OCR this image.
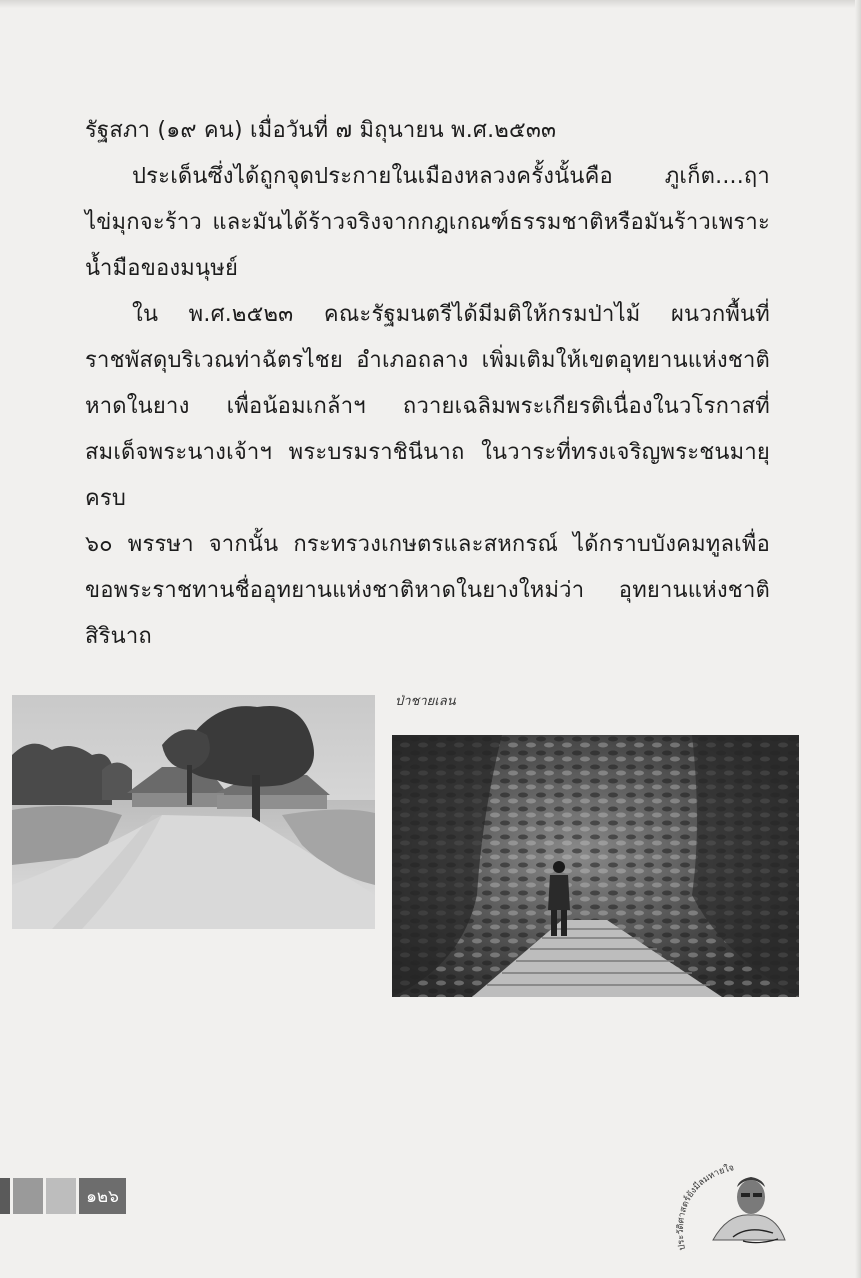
รัฐสภา (๑๙ คน) เมื่อวันที่ ๗ มิถุนายน พ.ศ.๒๕๓๓

ประเด็นซึ่งได้ถูกจุดประกายในเมืองหลวงครั้งนั้นคือ ภูเก็ต....ฤา

ไข่มุกจะร้าว และมันได้ร้าวจริงจากกฎเกณฑ์ธรรมชาติหรือมันร้าวเพราะ

น้ำมือของมนุษย์

ใน พ.ศ.๒๕๒๓ คณะรัฐมนตรีได้มีมติให้กรมป่าไม้ ผนวกพื้นที่

ราชพัสดุบริเวณท่าฉัตรไชย อำเภอถลาง เพิ่มเติมให้เขตอุทยานแห่งชาติ

หาดในยาง เพื่อน้อมเกล้าฯ ถวายเฉลิมพระเกียรติเนื่องในวโรกาสที่

สมเด็จพระนางเจ้าฯ พระบรมราชินีนาถ ในวาระที่ทรงเจริญพระชนมายุครบ

๖๐ พรรษา จากนั้น กระทรวงเกษตรและสหกรณ์ ได้กราบบังคมทูลเพื่อ

ขอพระราชทานชื่ออุทยานแห่งชาติหาดในยางใหม่ว่า อุทยานแห่งชาติ

สิรินาถ

ป่าชายเลน
๑๒๖
ประวัติศาสตร์ยังมีลมหายใจ
